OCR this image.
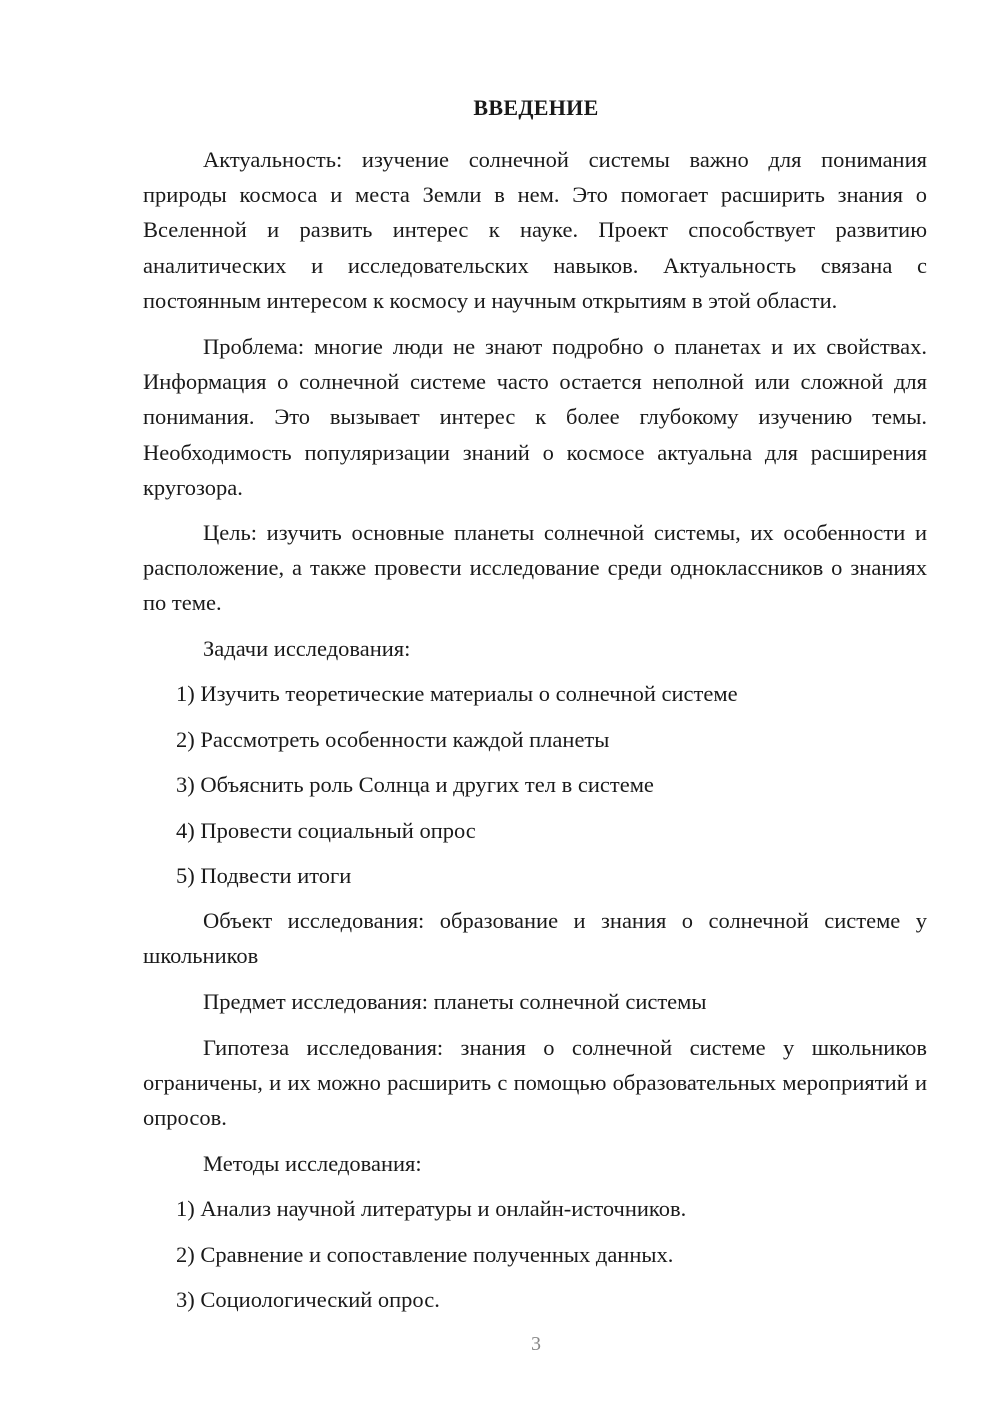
ВВЕДЕНИЕ

Актуальность: изучение солнечной системы важно для понимания природы космоса и места Земли в нем. Это помогает расширить знания о Вселенной и развить интерес к науке. Проект способствует развитию аналитических и исследовательских навыков. Актуальность связана с постоянным интересом к космосу и научным открытиям в этой области.

Проблема: многие люди не знают подробно о планетах и их свойствах. Информация о солнечной системе часто остается неполной или сложной для понимания. Это вызывает интерес к более глубокому изучению темы. Необходимость популяризации знаний о космосе актуальна для расширения кругозора.

Цель: изучить основные планеты солнечной системы, их особенности и расположение, а также провести исследование среди одноклассников о знаниях по теме.

Задачи исследования:

1) Изучить теоретические материалы о солнечной системе

2) Рассмотреть особенности каждой планеты

3) Объяснить роль Солнца и других тел в системе

4) Провести социальный опрос

5) Подвести итоги

Объект исследования: образование и знания о солнечной системе у школьников

Предмет исследования: планеты солнечной системы

Гипотеза исследования: знания о солнечной системе у школьников ограничены, и их можно расширить с помощью образовательных мероприятий и опросов.

Методы исследования:

1) Анализ научной литературы и онлайн-источников.

2) Сравнение и сопоставление полученных данных.

3) Социологический опрос.

3
